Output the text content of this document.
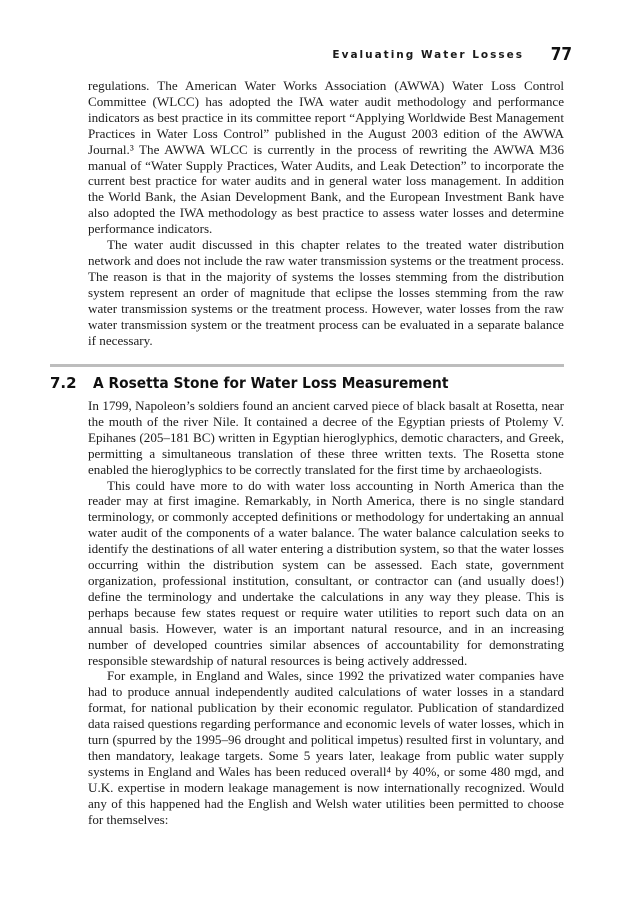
Evaluating Water Losses 77

regulations. The American Water Works Association (AWWA) Water Loss Control Committee (WLCC) has adopted the IWA water audit methodology and performance indicators as best practice in its committee report “Applying Worldwide Best Management Practices in Water Loss Control” published in the August 2003 edition of the AWWA Journal.³ The AWWA WLCC is currently in the process of rewriting the AWWA M36 manual of “Water Supply Practices, Water Audits, and Leak Detection” to incorporate the current best practice for water audits and in general water loss management. In addition the World Bank, the Asian Development Bank, and the European Investment Bank have also adopted the IWA methodology as best practice to assess water losses and determine performance indicators.

The water audit discussed in this chapter relates to the treated water distribution network and does not include the raw water transmission systems or the treatment process. The reason is that in the majority of systems the losses stemming from the distribution system represent an order of magnitude that eclipse the losses stemming from the raw water transmission systems or the treatment process. However, water losses from the raw water transmission system or the treatment process can be evaluated in a separate balance if necessary.

7.2 A Rosetta Stone for Water Loss Measurement

In 1799, Napoleon’s soldiers found an ancient carved piece of black basalt at Rosetta, near the mouth of the river Nile. It contained a decree of the Egyptian priests of Ptolemy V. Epihanes (205–181 BC) written in Egyptian hieroglyphics, demotic characters, and Greek, permitting a simultaneous translation of these three written texts. The Rosetta stone enabled the hieroglyphics to be correctly translated for the first time by archaeologists.

This could have more to do with water loss accounting in North America than the reader may at first imagine. Remarkably, in North America, there is no single standard terminology, or commonly accepted definitions or methodology for undertaking an annual water audit of the components of a water balance. The water balance calculation seeks to identify the destinations of all water entering a distribution system, so that the water losses occurring within the distribution system can be assessed. Each state, government organization, professional institution, consultant, or contractor can (and usually does!) define the terminology and undertake the calculations in any way they please. This is perhaps because few states request or require water utilities to report such data on an annual basis. However, water is an important natural resource, and in an increasing number of developed countries similar absences of accountability for demonstrating responsible stewardship of natural resources is being actively addressed.

For example, in England and Wales, since 1992 the privatized water companies have had to produce annual independently audited calculations of water losses in a standard format, for national publication by their economic regulator. Publication of standardized data raised questions regarding performance and economic levels of water losses, which in turn (spurred by the 1995–96 drought and political impetus) resulted first in voluntary, and then mandatory, leakage targets. Some 5 years later, leakage from public water supply systems in England and Wales has been reduced overall⁴ by 40%, or some 480 mgd, and U.K. expertise in modern leakage management is now internationally recognized. Would any of this happened had the English and Welsh water utilities been permitted to choose for themselves:
